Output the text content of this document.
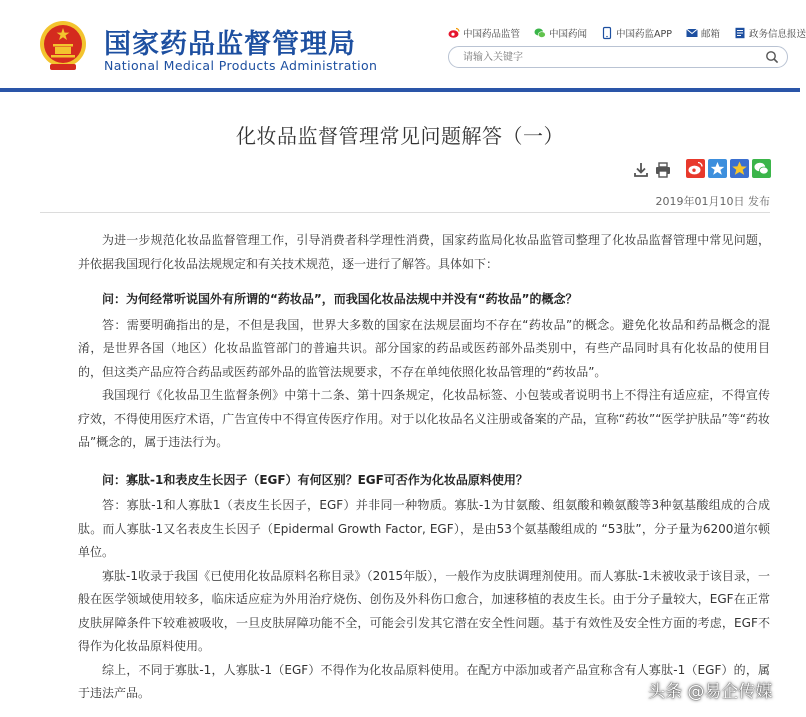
国家药品监督管理局
National Medical Products Administration
中国药品监管	中国药闻	中国药监APP	邮箱	政务信息报送
请输入关键字
化妆品监督管理常见问题解答（一）
2019年01月10日 发布

为进一步规范化妆品监督管理工作，引导消费者科学理性消费，国家药监局化妆品监管司整理了化妆品监督管理中常见问题，并依据我国现行化妆品法规规定和有关技术规范，逐一进行了解答。具体如下：

问：为何经常听说国外有所谓的“药妆品”，而我国化妆品法规中并没有“药妆品”的概念？

答：需要明确指出的是，不但是我国，世界大多数的国家在法规层面均不存在“药妆品”的概念。避免化妆品和药品概念的混淆，是世界各国（地区）化妆品监管部门的普遍共识。部分国家的药品或医药部外品类别中，有些产品同时具有化妆品的使用目的，但这类产品应符合药品或医药部外品的监管法规要求，不存在单纯依照化妆品管理的“药妆品”。

我国现行《化妆品卫生监督条例》中第十二条、第十四条规定，化妆品标签、小包装或者说明书上不得注有适应症，不得宣传疗效，不得使用医疗术语，广告宣传中不得宣传医疗作用。对于以化妆品名义注册或备案的产品，宣称“药妆”“医学护肤品”等“药妆品”概念的，属于违法行为。

问：寡肽-1和表皮生长因子（EGF）有何区别？EGF可否作为化妆品原料使用？

答：寡肽-1和人寡肽1（表皮生长因子，EGF）并非同一种物质。寡肽-1为甘氨酸、组氨酸和赖氨酸等3种氨基酸组成的合成肽。而人寡肽-1又名表皮生长因子（Epidermal Growth Factor, EGF），是由53个氨基酸组成的 “53肽”，分子量为6200道尔顿单位。

寡肽-1收录于我国《已使用化妆品原料名称目录》（2015年版），一般作为皮肤调理剂使用。而人寡肽-1未被收录于该目录，一般在医学领域使用较多，临床适应症为外用治疗烧伤、创伤及外科伤口愈合，加速移植的表皮生长。由于分子量较大，EGF在正常皮肤屏障条件下较难被吸收，一旦皮肤屏障功能不全，可能会引发其它潜在安全性问题。基于有效性及安全性方面的考虑，EGF不得作为化妆品原料使用。

综上，不同于寡肽-1，人寡肽-1（EGF）不得作为化妆品原料使用。在配方中添加或者产品宣称含有人寡肽-1（EGF）的，属于违法产品。	头条 @易企传媒
